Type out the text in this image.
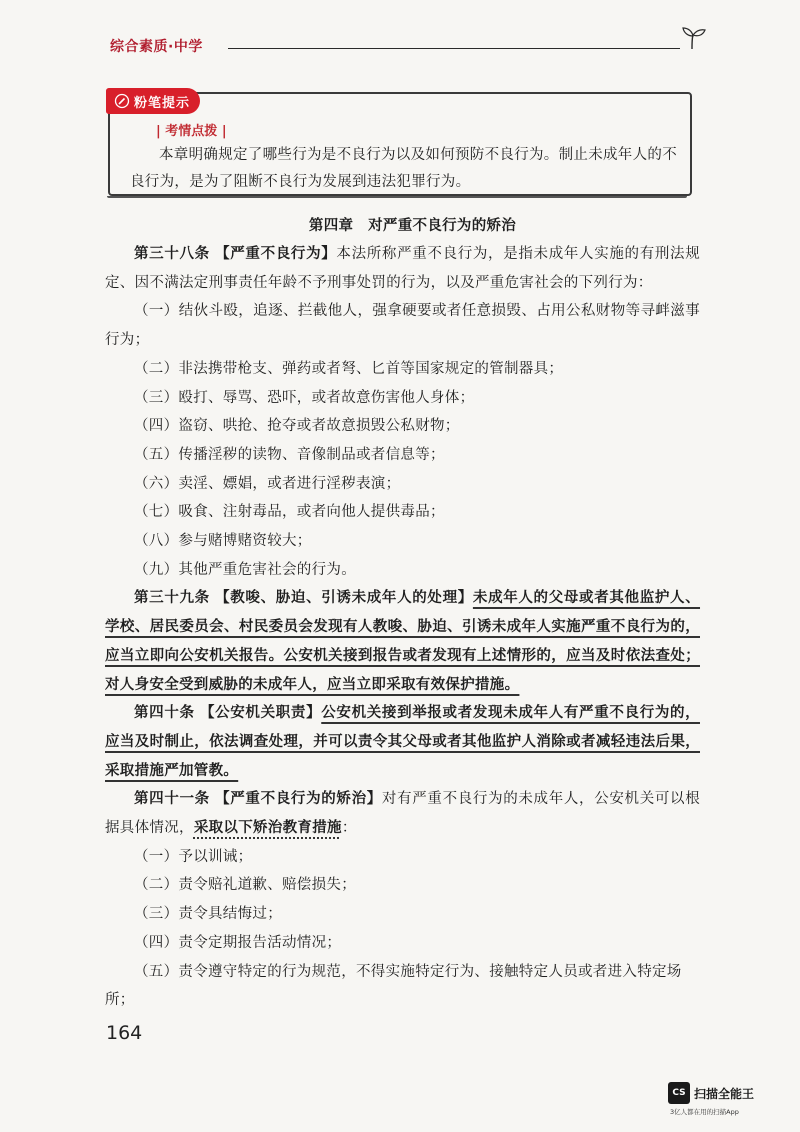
综合素质·中学
粉笔提示
| 考情点拨 |
本章明确规定了哪些行为是不良行为以及如何预防不良行为。制止未成年人的不良行为，是为了阻断不良行为发展到违法犯罪行为。
第四章　对严重不良行为的矫治
第三十八条 【严重不良行为】本法所称严重不良行为，是指未成年人实施的有刑法规定、因不满法定刑事责任年龄不予刑事处罚的行为，以及严重危害社会的下列行为：
（一）结伙斗殴，追逐、拦截他人，强拿硬要或者任意损毁、占用公私财物等寻衅滋事行为；
（二）非法携带枪支、弹药或者弩、匕首等国家规定的管制器具；
（三）殴打、辱骂、恐吓，或者故意伤害他人身体；
（四）盗窃、哄抢、抢夺或者故意损毁公私财物；
（五）传播淫秽的读物、音像制品或者信息等；
（六）卖淫、嫖娼，或者进行淫秽表演；
（七）吸食、注射毒品，或者向他人提供毒品；
（八）参与赌博赌资较大；
（九）其他严重危害社会的行为。
第三十九条 【教唆、胁迫、引诱未成年人的处理】未成年人的父母或者其他监护人、学校、居民委员会、村民委员会发现有人教唆、胁迫、引诱未成年人实施严重不良行为的，应当立即向公安机关报告。公安机关接到报告或者发现有上述情形的，应当及时依法查处；对人身安全受到威胁的未成年人，应当立即采取有效保护措施。
第四十条 【公安机关职责】公安机关接到举报或者发现未成年人有严重不良行为的，应当及时制止，依法调查处理，并可以责令其父母或者其他监护人消除或者减轻违法后果，采取措施严加管教。
第四十一条 【严重不良行为的矫治】对有严重不良行为的未成年人，公安机关可以根据具体情况，采取以下矫治教育措施：
（一）予以训诫；
（二）责令赔礼道歉、赔偿损失；
（三）责令具结悔过；
（四）责令定期报告活动情况；
（五）责令遵守特定的行为规范，不得实施特定行为、接触特定人员或者进入特定场所；
164
CS 扫描全能王
3亿人都在用的扫描App
